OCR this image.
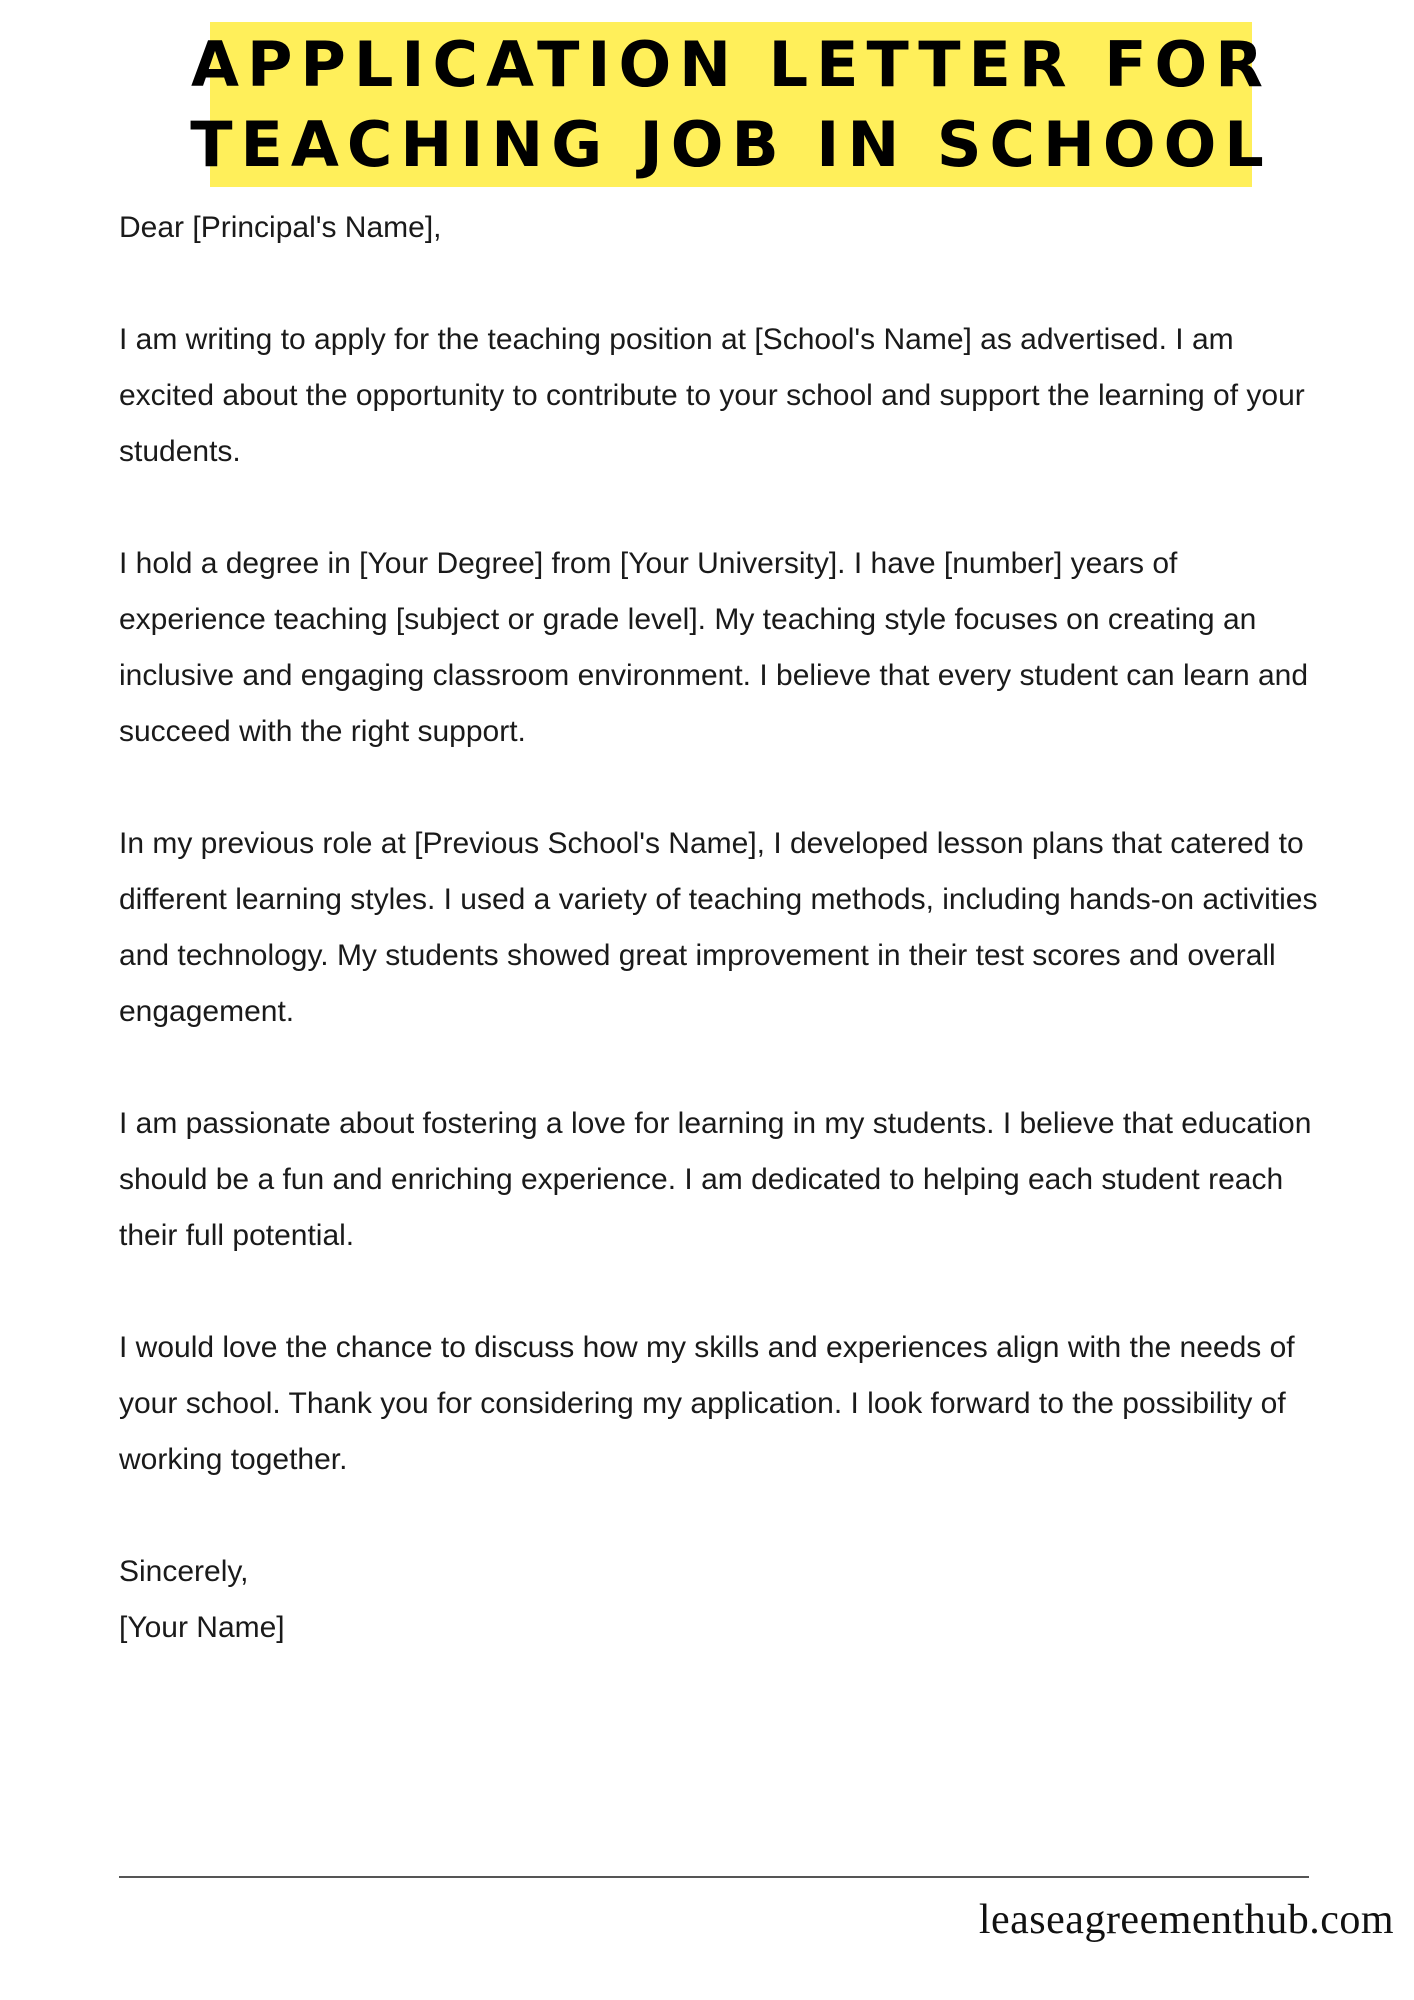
APPLICATION LETTER FOR
TEACHING JOB IN SCHOOL

Dear [Principal's Name],

I am writing to apply for the teaching position at [School's Name] as advertised. I am excited about the opportunity to contribute to your school and support the learning of your students.

I hold a degree in [Your Degree] from [Your University]. I have [number] years of experience teaching [subject or grade level]. My teaching style focuses on creating an inclusive and engaging classroom environment. I believe that every student can learn and succeed with the right support.

In my previous role at [Previous School's Name], I developed lesson plans that catered to different learning styles. I used a variety of teaching methods, including hands-on activities and technology. My students showed great improvement in their test scores and overall engagement.

I am passionate about fostering a love for learning in my students. I believe that education should be a fun and enriching experience. I am dedicated to helping each student reach their full potential.

I would love the chance to discuss how my skills and experiences align with the needs of your school. Thank you for considering my application. I look forward to the possibility of working together.

Sincerely,

[Your Name]

leaseagreementhub.com
